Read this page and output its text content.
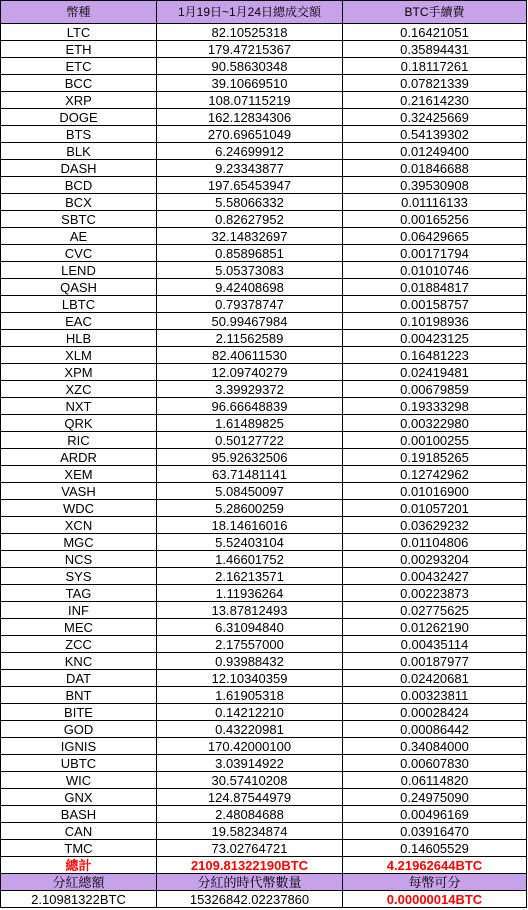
幣種	1月19日~1月24日總成交額	BTC手續費
LTC	82.10525318	0.16421051
ETH	179.47215367	0.35894431
ETC	90.58630348	0.18117261
BCC	39.10669510	0.07821339
XRP	108.07115219	0.21614230
DOGE	162.12834306	0.32425669
BTS	270.69651049	0.54139302
BLK	6.24699912	0.01249400
DASH	9.23343877	0.01846688
BCD	197.65453947	0.39530908
BCX	5.58066332	0.01116133
SBTC	0.82627952	0.00165256
AE	32.14832697	0.06429665
CVC	0.85896851	0.00171794
LEND	5.05373083	0.01010746
QASH	9.42408698	0.01884817
LBTC	0.79378747	0.00158757
EAC	50.99467984	0.10198936
HLB	2.11562589	0.00423125
XLM	82.40611530	0.16481223
XPM	12.09740279	0.02419481
XZC	3.39929372	0.00679859
NXT	96.66648839	0.19333298
QRK	1.61489825	0.00322980
RIC	0.50127722	0.00100255
ARDR	95.92632506	0.19185265
XEM	63.71481141	0.12742962
VASH	5.08450097	0.01016900
WDC	5.28600259	0.01057201
XCN	18.14616016	0.03629232
MGC	5.52403104	0.01104806
NCS	1.46601752	0.00293204
SYS	2.16213571	0.00432427
TAG	1.11936264	0.00223873
INF	13.87812493	0.02775625
MEC	6.31094840	0.01262190
ZCC	2.17557000	0.00435114
KNC	0.93988432	0.00187977
DAT	12.10340359	0.02420681
BNT	1.61905318	0.00323811
BITE	0.14212210	0.00028424
GOD	0.43220981	0.00086442
IGNIS	170.42000100	0.34084000
UBTC	3.03914922	0.00607830
WIC	30.57410208	0.06114820
GNX	124.87544979	0.24975090
BASH	2.48084688	0.00496169
CAN	19.58234874	0.03916470
TMC	73.02764721	0.14605529
總計	2109.81322190BTC	4.21962644BTC
分紅總額	分紅的時代幣數量	每幣可分
2.10981322BTC	15326842.02237860	0.00000014BTC
